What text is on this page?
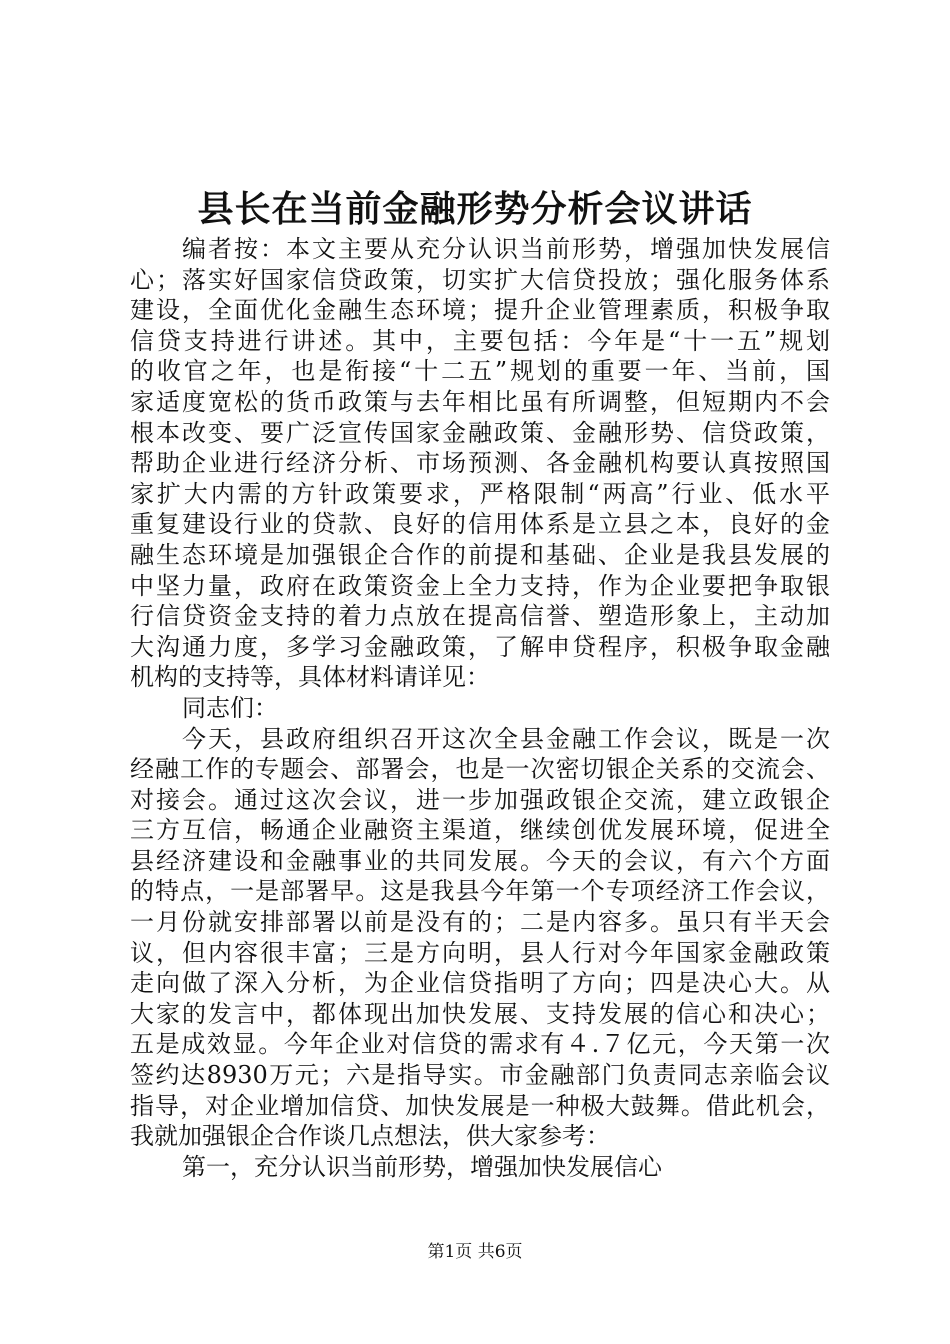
县长在当前金融形势分析会议讲话
编者按：本文主要从充分认识当前形势，增强加快发展信
心；落实好国家信贷政策，切实扩大信贷投放；强化服务体系
建设，全面优化金融生态环境；提升企业管理素质，积极争取
信贷支持进行讲述。其中，主要包括：今年是“十一五”规划
的收官之年，也是衔接“十二五”规划的重要一年、当前，国
家适度宽松的货币政策与去年相比虽有所调整，但短期内不会
根本改变、要广泛宣传国家金融政策、金融形势、信贷政策，
帮助企业进行经济分析、市场预测、各金融机构要认真按照国
家扩大内需的方针政策要求，严格限制“两高”行业、低水平
重复建设行业的贷款、良好的信用体系是立县之本，良好的金
融生态环境是加强银企合作的前提和基础、企业是我县发展的
中坚力量，政府在政策资金上全力支持，作为企业要把争取银
行信贷资金支持的着力点放在提高信誉、塑造形象上，主动加
大沟通力度，多学习金融政策，了解申贷程序，积极争取金融
机构的支持等，具体材料请详见：
同志们：
今天，县政府组织召开这次全县金融工作会议，既是一次
经融工作的专题会、部署会，也是一次密切银企关系的交流会、
对接会。通过这次会议，进一步加强政银企交流，建立政银企
三方互信，畅通企业融资主渠道，继续创优发展环境，促进全
县经济建设和金融事业的共同发展。今天的会议，有六个方面
的特点，一是部署早。这是我县今年第一个专项经济工作会议，
一月份就安排部署以前是没有的；二是内容多。虽只有半天会
议，但内容很丰富；三是方向明，县人行对今年国家金融政策
走向做了深入分析，为企业信贷指明了方向；四是决心大。从
大家的发言中，都体现出加快发展、支持发展的信心和决心；
五是成效显。今年企业对信贷的需求有４.７亿元，今天第一次
签约达8930万元；六是指导实。市金融部门负责同志亲临会议
指导，对企业增加信贷、加快发展是一种极大鼓舞。借此机会，
我就加强银企合作谈几点想法，供大家参考：
第一，充分认识当前形势，增强加快发展信心
第1页 共6页
